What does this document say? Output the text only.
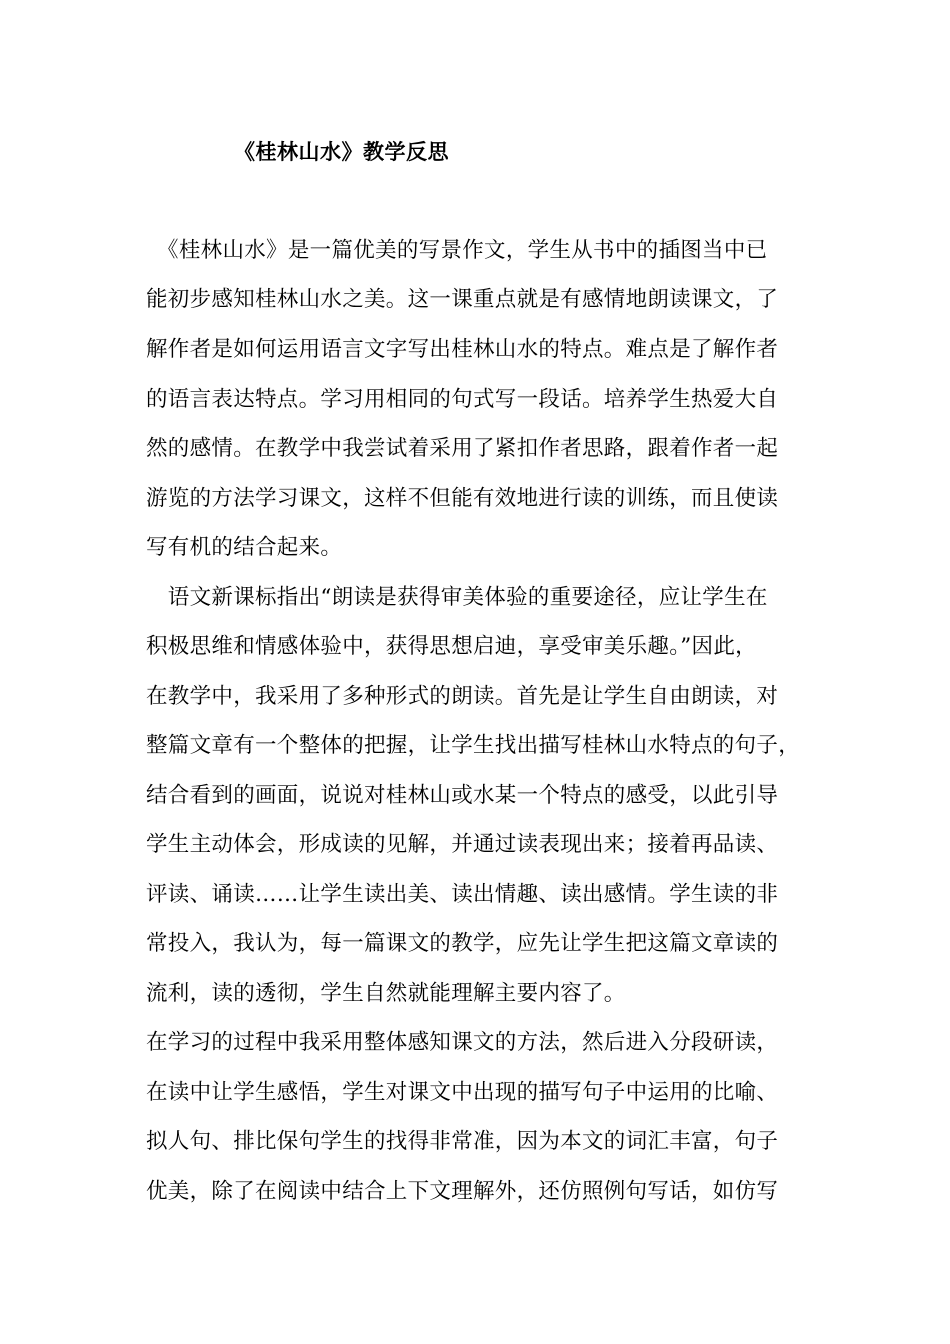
《桂林山水》教学反思
　《桂林山水》是一篇优美的写景作文，学生从书中的插图当中已
能初步感知桂林山水之美。这一课重点就是有感情地朗读课文，了
解作者是如何运用语言文字写出桂林山水的特点。难点是了解作者
的语言表达特点。学习用相同的句式写一段话。培养学生热爱大自
然的感情。在教学中我尝试着采用了紧扣作者思路，跟着作者一起
游览的方法学习课文，这样不但能有效地进行读的训练，而且使读
写有机的结合起来。
　语文新课标指出“朗读是获得审美体验的重要途径，应让学生在
积极思维和情感体验中，获得思想启迪，享受审美乐趣。”因此，
在教学中，我采用了多种形式的朗读。首先是让学生自由朗读，对
整篇文章有一个整体的把握，让学生找出描写桂林山水特点的句子，
结合看到的画面，说说对桂林山或水某一个特点的感受，以此引导
学生主动体会，形成读的见解，并通过读表现出来；接着再品读、
评读、诵读……让学生读出美、读出情趣、读出感情。学生读的非
常投入，我认为，每一篇课文的教学，应先让学生把这篇文章读的
流利，读的透彻，学生自然就能理解主要内容了。
在学习的过程中我采用整体感知课文的方法，然后进入分段研读，
在读中让学生感悟，学生对课文中出现的描写句子中运用的比喻、
拟人句、排比保句学生的找得非常准，因为本文的词汇丰富，句子
优美，除了在阅读中结合上下文理解外，还仿照例句写话，如仿写
